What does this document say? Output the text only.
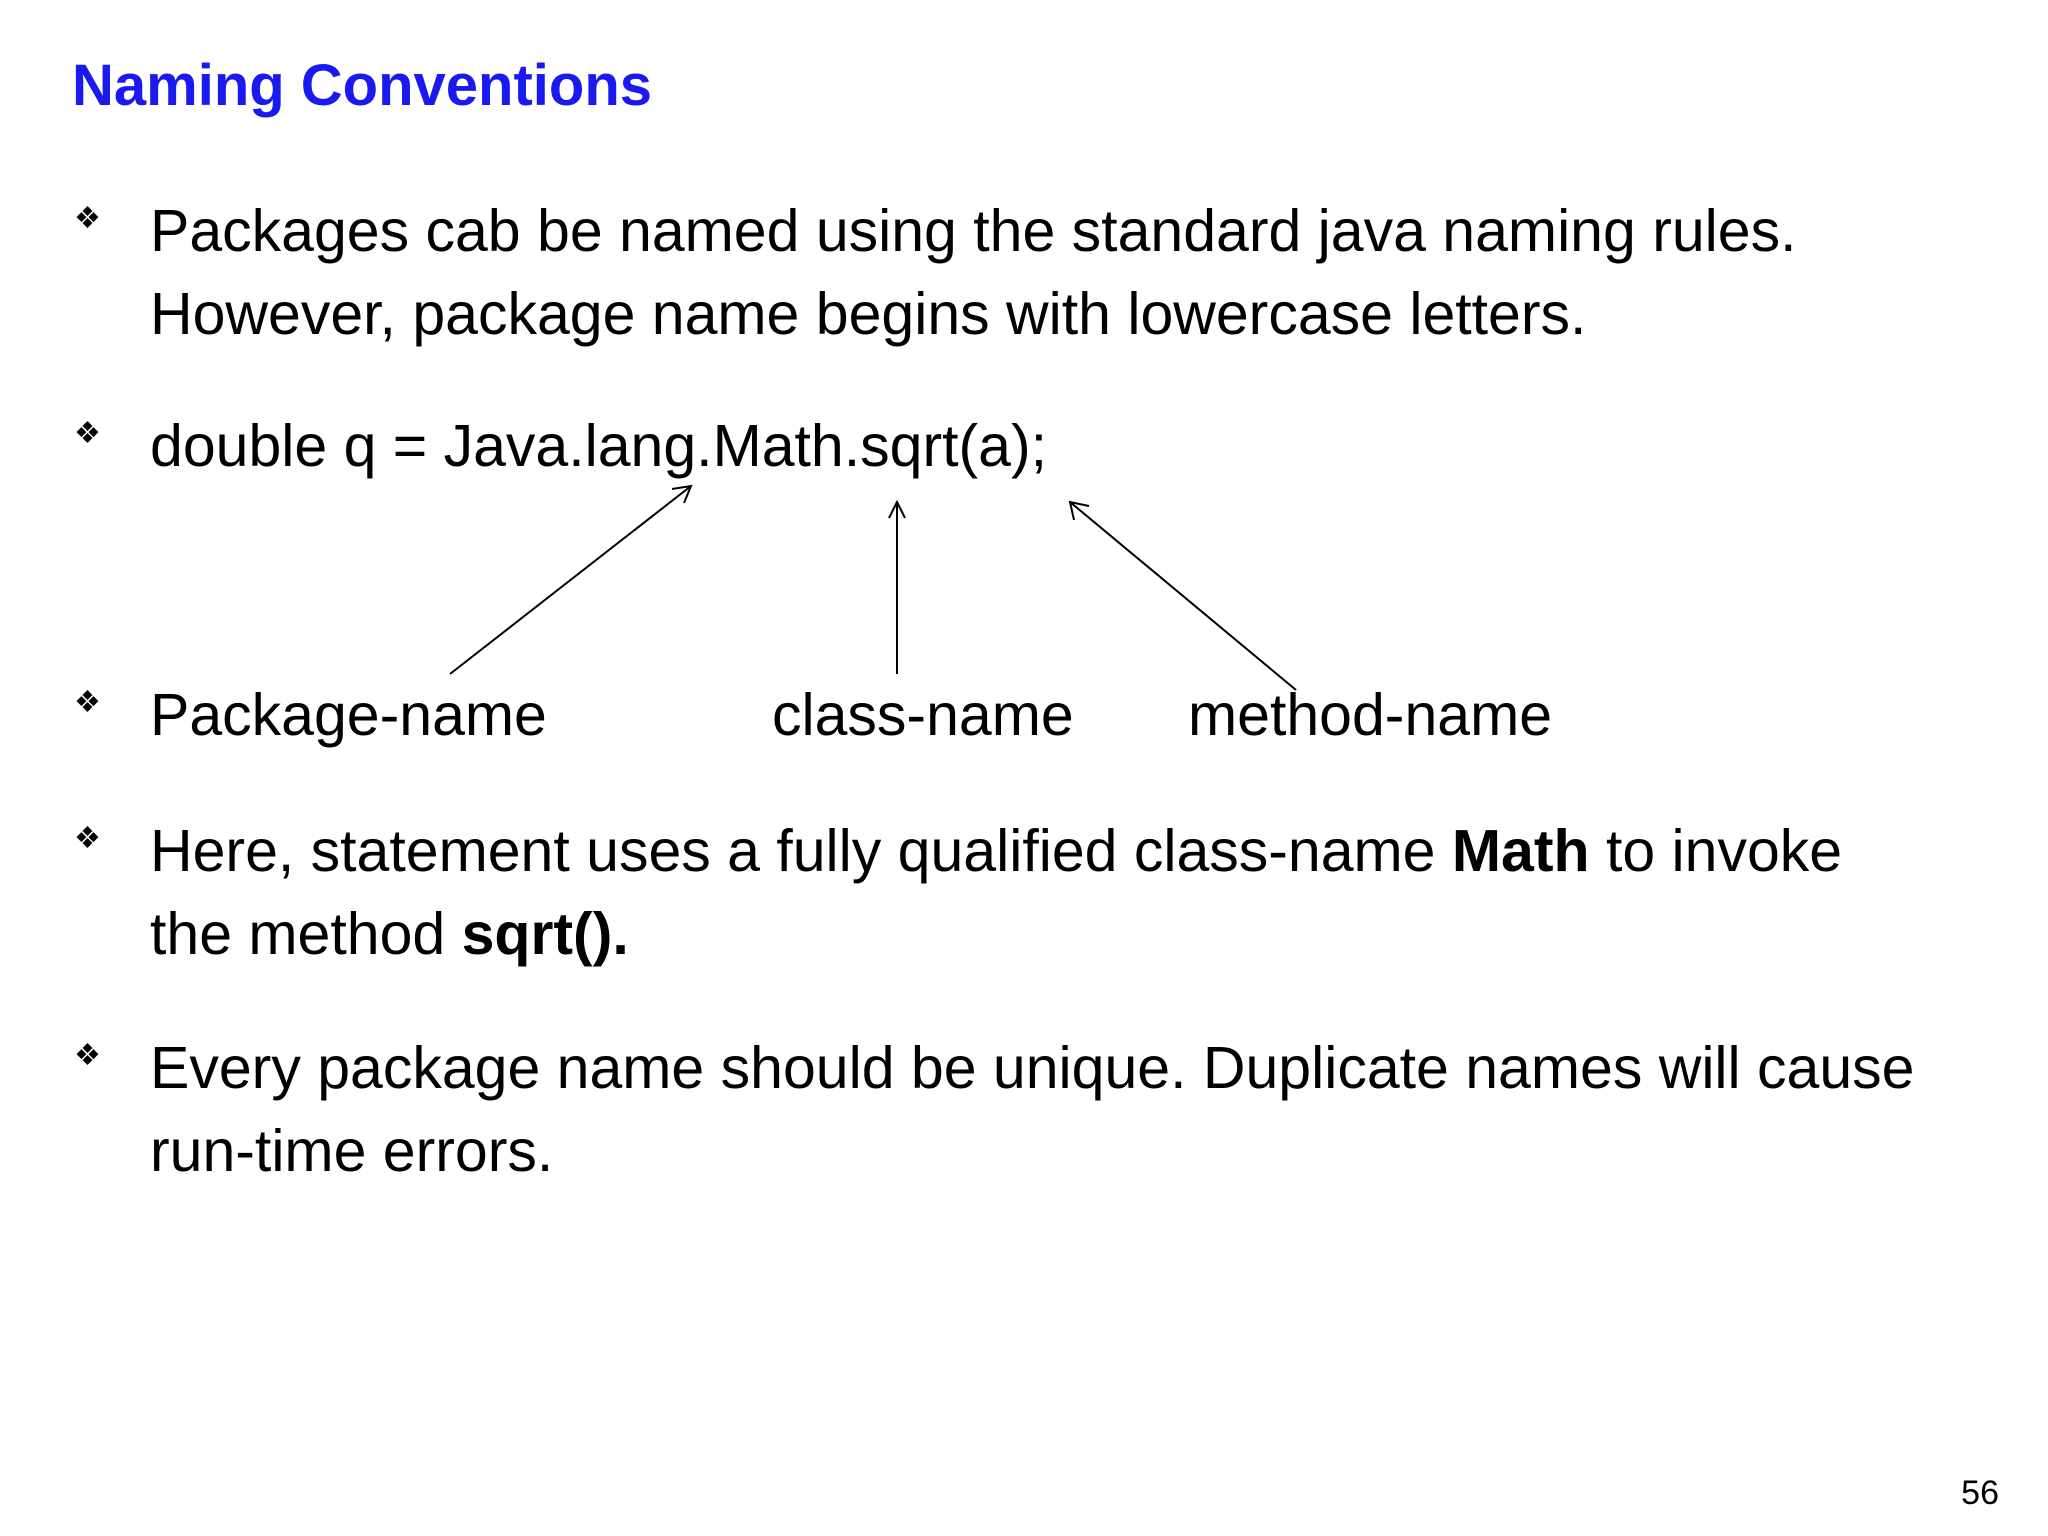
Naming Conventions
❖ Packages cab be named using the standard java naming rules.
However, package name begins with lowercase letters.
❖ double q = Java.lang.Math.sqrt(a);
❖ Package-name	class-name method-name
❖ Here, statement uses a fully qualified class-name Math to invoke
the method sqrt().
❖ Every package name should be unique. Duplicate names will cause
run-time errors.
56
